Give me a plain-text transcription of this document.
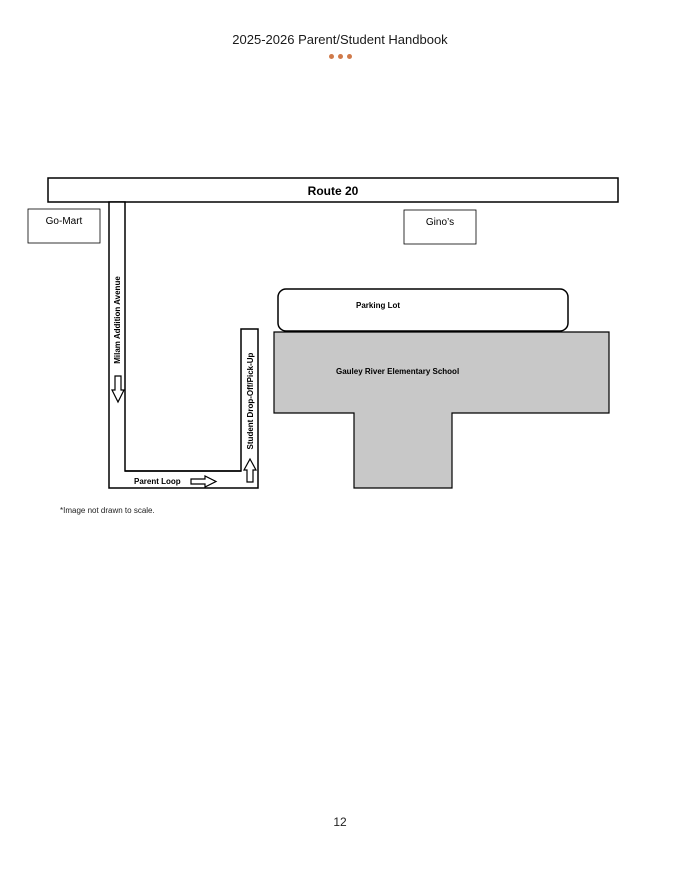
2025-2026 Parent/Student Handbook
Route 20
Go-Mart	Gino’s
Milam Addition Avenue
Parent Loop
Student Drop-Off/Pick-Up
Parking Lot
Gauley River Elementary School
*Image not drawn to scale.
12
